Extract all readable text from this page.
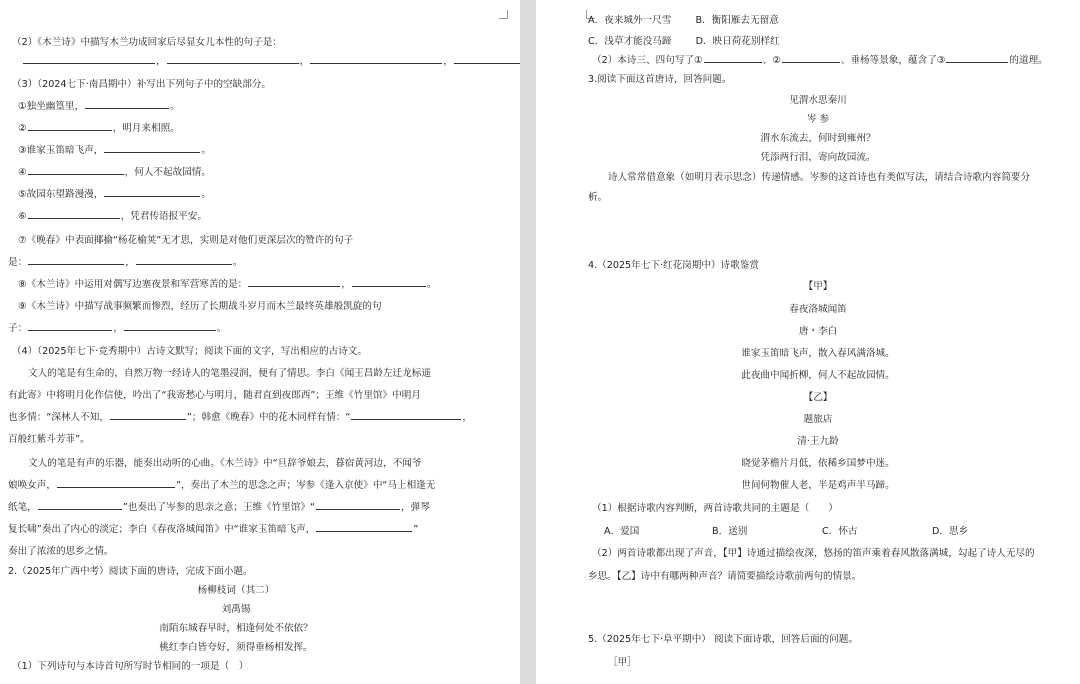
（2）《木兰诗》中描写木兰功成回家后尽显女儿本性的句子是：
，	，	，
（3）（2024七下·南昌期中）补写出下列句子中的空缺部分。
①独坐幽篁里，	。
②	，明月来相照。
③谁家玉笛暗飞声，	。
④	，何人不起故园情。
⑤故园东望路漫漫，	。
⑥	，凭君传语报平安。
⑦《晚春》中表面揶揄“杨花榆荚”无才思，实则是对他们更深层次的赞许的句子
是：	，	。
⑧《木兰诗》中运用对偶写边塞夜景和军营寒苦的是：	，	。
⑨《木兰诗》中描写战事频繁而惨烈，经历了长期战斗岁月而木兰最终英雄般凯旋的句
子：	，	。
（4）（2025年七下·竞秀期中）古诗文默写；阅读下面的文字，写出相应的古诗文。
文人的笔是有生命的，自然万物一经诗人的笔墨浸润，便有了情思。李白《闻王昌龄左迁龙标遥
有此寄》中将明月化作信使，吟出了“我寄愁心与明月，随君直到夜郎西”；王维《竹里馆》中明月
也多情：“深林人不知，	”；韩愈《晚春》中的花木同样有情：“	，
百般红紫斗芳菲”。
文人的笔是有声的乐器，能奏出动听的心曲。《木兰诗》中“旦辞爷娘去，暮宿黄河边，不闻爷
娘唤女声，	”，奏出了木兰的思念之声；岑参《逢入京使》中“马上相逢无
纸笔，	”也奏出了岑参的思亲之意；王维《竹里馆》“	，弹琴
复长啸”奏出了内心的淡定；李白《春夜洛城闻笛》中“谁家玉笛暗飞声，	”
奏出了浓浓的思乡之情。
2.（2025年广西中考）阅读下面的唐诗，完成下面小题。
杨柳枝词（其二）
刘禹锡
南陌东城春早时，相逢何处不依依？
桃红李白皆夸好，须得垂杨相发挥。
（1）下列诗句与本诗首句所写时节相同的一项是（　）
A．夜来城外一尺雪	B．衡阳雁去无留意
C．浅草才能没马蹄	D．映日荷花别样红
（2）本诗三、四句写了①	、②	、垂杨等景象，蕴含了③	的道理。
3.阅读下面这首唐诗，回答问题。
见渭水思秦川
岑 参
渭水东流去，何时到雍州？
凭添两行泪，寄向故园流。
诗人常常借意象（如明月表示思念）传递情感。岑参的这首诗也有类似写法，请结合诗歌内容简要分
析。
4.（2025年七下·红花岗期中）诗歌鉴赏
【甲】
春夜洛城闻笛
唐・李白
谁家玉笛暗飞声，散入春风满洛城。
此夜曲中闻折柳，何人不起故园情。
【乙】
题旅店
清·王九龄
晓觉茅檐片月低，依稀乡国梦中迷。
世间何物催人老，半是鸡声半马蹄。
（1）根据诗歌内容判断，两首诗歌共同的主题是（　　）
A．爱国	B．送别	C．怀古	D．思乡
（2）两首诗歌都出现了声音，【甲】诗通过描绘夜深，悠扬的笛声乘着春风散落满城，勾起了诗人无尽的
乡思。【乙】诗中有哪两种声音？请简要描绘诗歌前两句的情景。
5.（2025年七下·阜平期中） 阅读下面诗歌，回答后面的问题。
［甲］
